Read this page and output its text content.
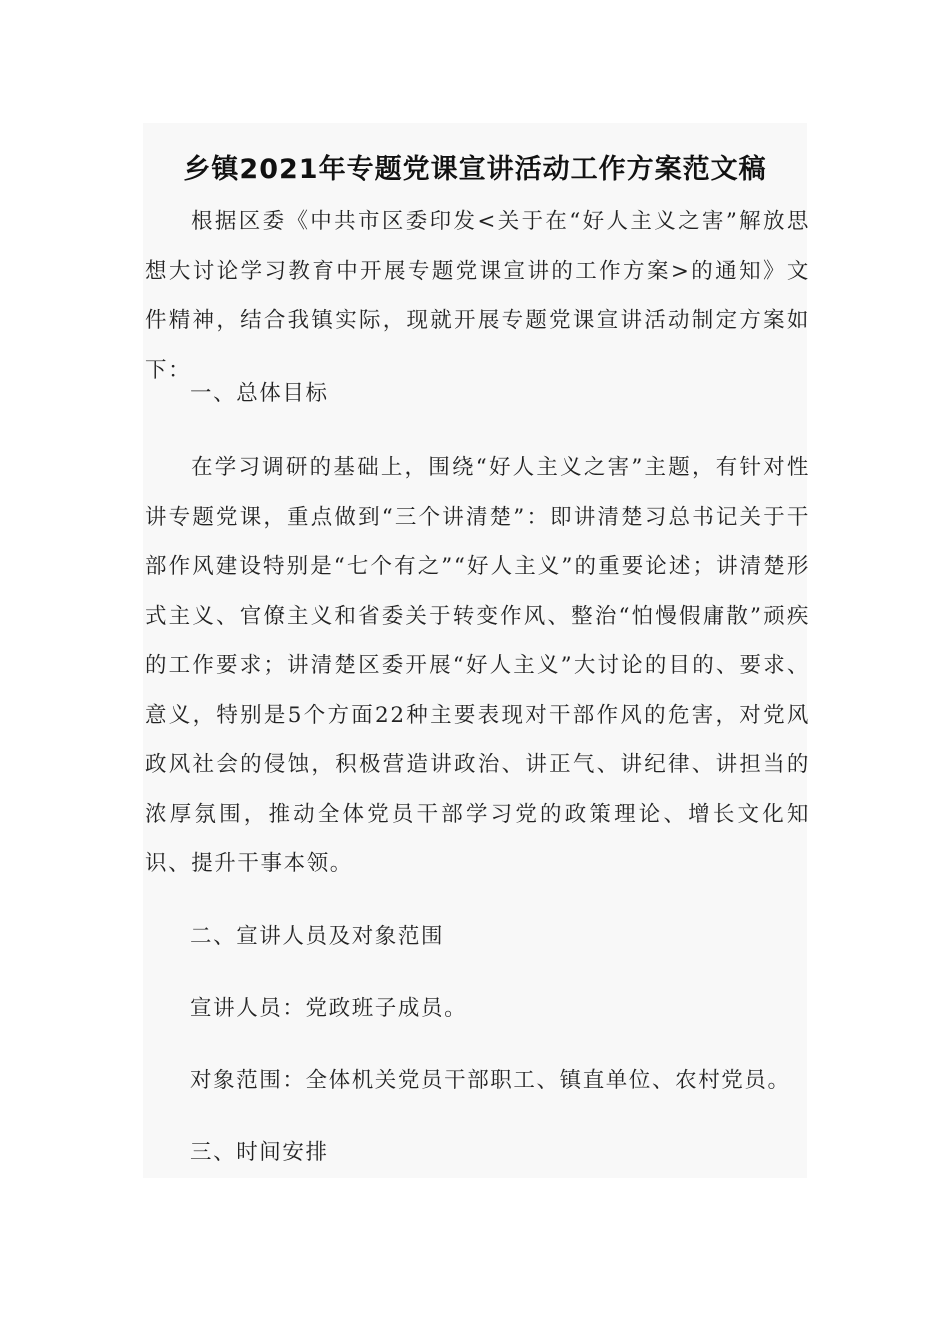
乡镇2021年专题党课宣讲活动工作方案范文稿

根据区委《中共市区委印发<关于在“好人主义之害”解放思想大讨论学习教育中开展专题党课宣讲的工作方案>的通知》文件精神，结合我镇实际，现就开展专题党课宣讲活动制定方案如下：

一、总体目标

在学习调研的基础上，围绕“好人主义之害”主题，有针对性讲专题党课，重点做到“三个讲清楚”：即讲清楚习总书记关于干部作风建设特别是“七个有之”“好人主义”的重要论述；讲清楚形式主义、官僚主义和省委关于转变作风、整治“怕慢假庸散”顽疾的工作要求；讲清楚区委开展“好人主义”大讨论的目的、要求、意义，特别是5个方面22种主要表现对干部作风的危害，对党风政风社会的侵蚀，积极营造讲政治、讲正气、讲纪律、讲担当的浓厚氛围，推动全体党员干部学习党的政策理论、增长文化知识、提升干事本领。

二、宣讲人员及对象范围

宣讲人员：党政班子成员。

对象范围：全体机关党员干部职工、镇直单位、农村党员。

三、时间安排
